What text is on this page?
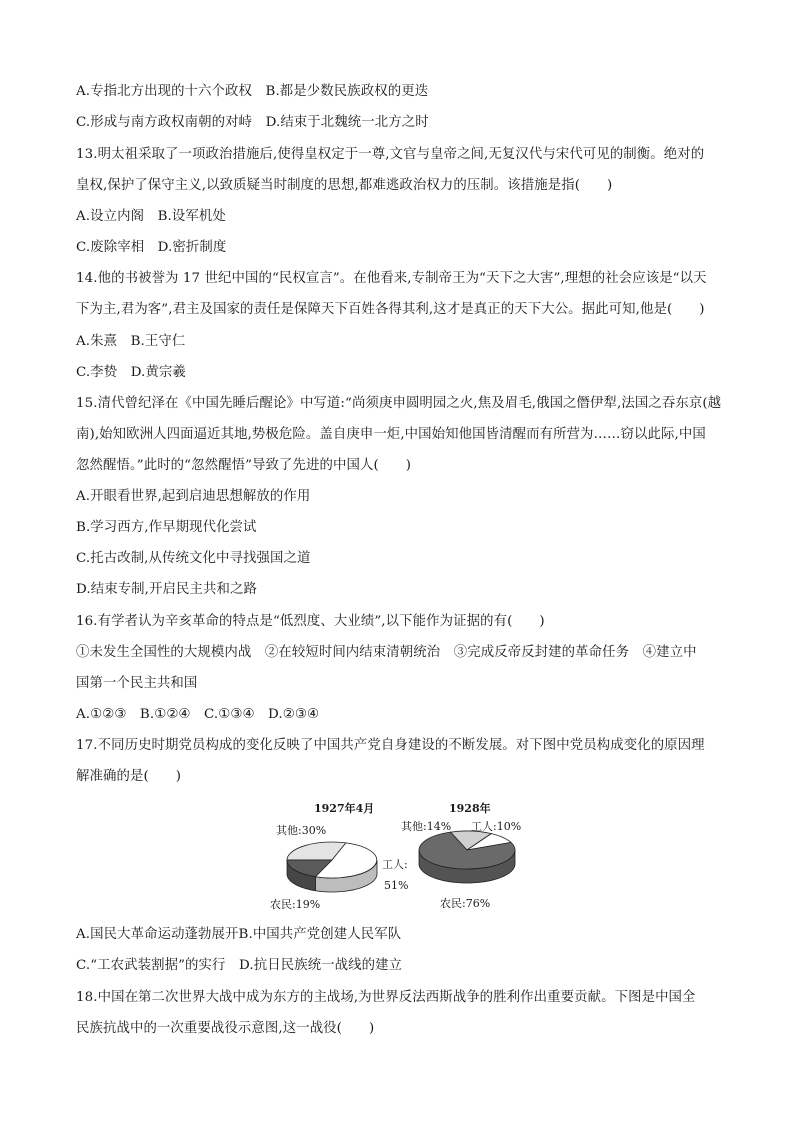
A.专指北方出现的十六个政权　B.都是少数民族政权的更迭
C.形成与南方政权南朝的对峙　D.结束于北魏统一北方之时
13.明太祖采取了一项政治措施后,使得皇权定于一尊,文官与皇帝之间,无复汉代与宋代可见的制衡。绝对的
皇权,保护了保守主义,以致质疑当时制度的思想,都难逃政治权力的压制。该措施是指(　　)
A.设立内阁　B.设军机处
C.废除宰相　D.密折制度
14.他的书被誉为 17 世纪中国的“民权宣言”。在他看来,专制帝王为“天下之大害”,理想的社会应该是“以天
下为主,君为客”,君主及国家的责任是保障天下百姓各得其利,这才是真正的天下大公。据此可知,他是(　　)
A.朱熹　B.王守仁
C.李贽　D.黄宗羲
15.清代曾纪泽在《中国先睡后醒论》中写道:“尚须庚申圆明园之火,焦及眉毛,俄国之僭伊犁,法国之吞东京(越
南),始知欧洲人四面逼近其地,势极危险。盖自庚申一炬,中国始知他国皆清醒而有所营为……窃以此际,中国
忽然醒悟。”此时的“忽然醒悟”导致了先进的中国人(　　)
A.开眼看世界,起到启迪思想解放的作用
B.学习西方,作早期现代化尝试
C.托古改制,从传统文化中寻找强国之道
D.结束专制,开启民主共和之路
16.有学者认为辛亥革命的特点是“低烈度、大业绩”,以下能作为证据的有(　　)
①未发生全国性的大规模内战　②在较短时间内结束清朝统治　③完成反帝反封建的革命任务　④建立中
国第一个民主共和国
A.①②③　B.①②④　C.①③④　D.②③④
17.不同历史时期党员构成的变化反映了中国共产党自身建设的不断发展。对下图中党员构成变化的原因理
解准确的是(　　)
1927年4月
其他:30%
工人:
51%
农民:19%
1928年
其他:14% 工人:10%
农民:76%
A.国民大革命运动蓬勃展开B.中国共产党创建人民军队
C.“工农武装割据”的实行　D.抗日民族统一战线的建立
18.中国在第二次世界大战中成为东方的主战场,为世界反法西斯战争的胜利作出重要贡献。下图是中国全
民族抗战中的一次重要战役示意图,这一战役(　　)
